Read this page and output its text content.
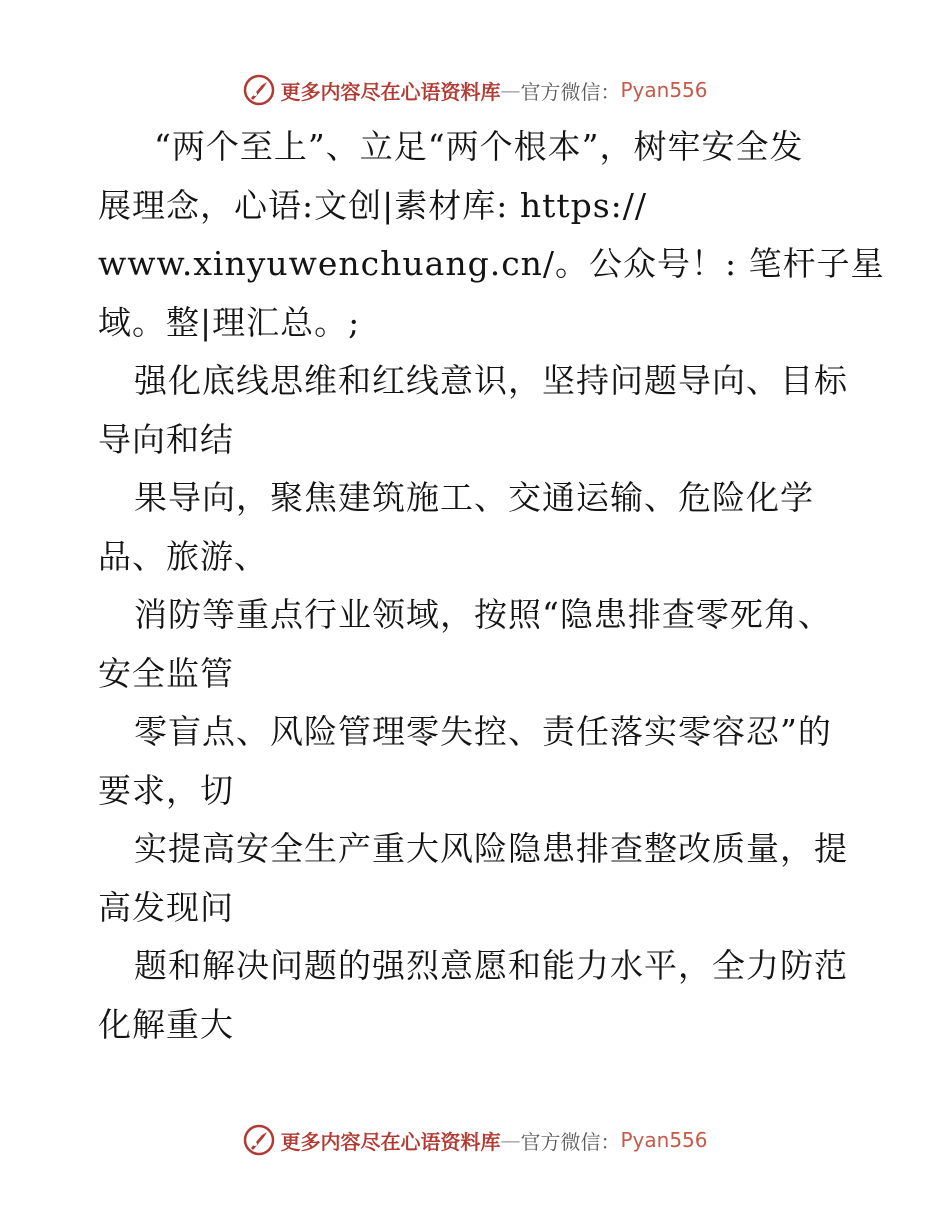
更多内容尽在心语资料库 — 官方微信： Pyan556
“两个至上”、立足“两个根本”，树牢安全发
展理念，心语:文创|素材库: https://
www.xinyuwenchuang.cn/。公众号！: 笔杆子星
域。整|理汇总。;
强化底线思维和红线意识，坚持问题导向、目标
导向和结
果导向，聚焦建筑施工、交通运输、危险化学
品、旅游、
消防等重点行业领域，按照“隐患排查零死角、
安全监管
零盲点、风险管理零失控、责任落实零容忍”的
要求，切
实提高安全生产重大风险隐患排查整改质量，提
高发现问
题和解决问题的强烈意愿和能力水平，全力防范
化解重大
更多内容尽在心语资料库 — 官方微信： Pyan556
